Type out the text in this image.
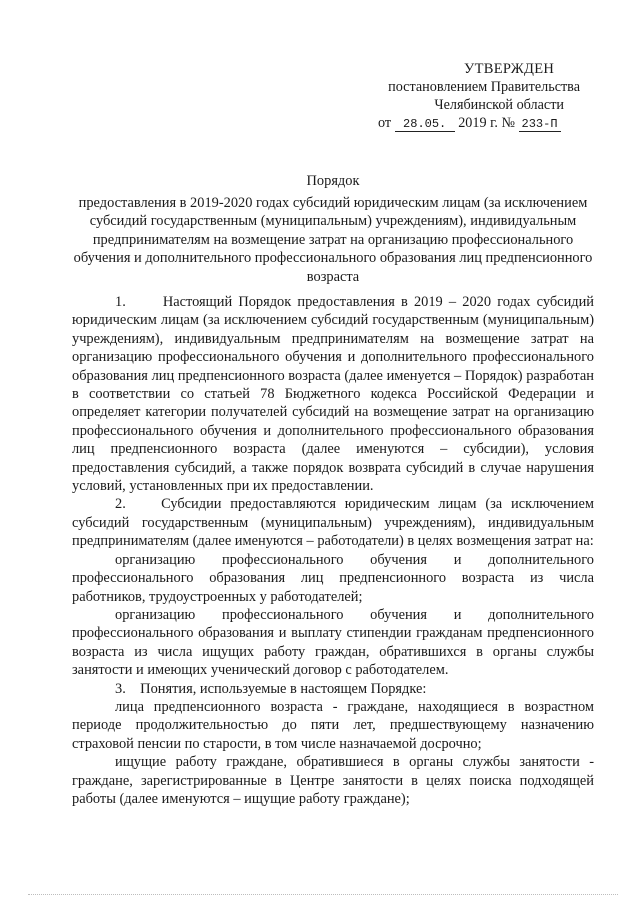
УТВЕРЖДЕН
постановлением Правительства
Челябинской области
от 28.05. 2019 г. № 233-П
Порядок
предоставления в 2019-2020 годах субсидий юридическим лицам (за исключением субсидий государственным (муниципальным) учреждениям), индивидуальным предпринимателям на возмещение затрат на организацию профессионального обучения и дополнительного профессионального образования лиц предпенсионного возраста

1.      Настоящий Порядок предоставления в 2019 – 2020 годах субсидий юридическим лицам (за исключением субсидий государственным (муниципальным) учреждениям), индивидуальным предпринимателям на возмещение затрат на организацию профессионального обучения и дополнительного профессионального образования лиц предпенсионного возраста (далее именуется – Порядок) разработан в соответствии со статьей 78 Бюджетного кодекса Российской Федерации и определяет категории получателей субсидий на возмещение затрат на организацию профессионального обучения и дополнительного профессионального образования лиц предпенсионного возраста (далее именуются – субсидии), условия предоставления субсидий, а также порядок возврата субсидий в случае нарушения условий, установленных при их предоставлении.

2.    Субсидии предоставляются юридическим лицам (за исключением субсидий государственным (муниципальным) учреждениям), индивидуальным предпринимателям (далее именуются – работодатели) в целях возмещения затрат на:

организацию профессионального обучения и дополнительного профессионального образования лиц предпенсионного возраста из числа работников, трудоустроенных у работодателей;

организацию профессионального обучения и дополнительного профессионального образования и выплату стипендии гражданам предпенсионного возраста из числа ищущих работу граждан, обратившихся в органы службы занятости и имеющих ученический договор с работодателем.

3.    Понятия, используемые в настоящем Порядке:

лица предпенсионного возраста - граждане, находящиеся в возрастном периоде продолжительностью до пяти лет, предшествующему назначению страховой пенсии по старости, в том числе назначаемой досрочно;

ищущие работу граждане, обратившиеся в органы службы занятости - граждане, зарегистрированные в Центре занятости в целях поиска подходящей работы (далее именуются – ищущие работу граждане);
